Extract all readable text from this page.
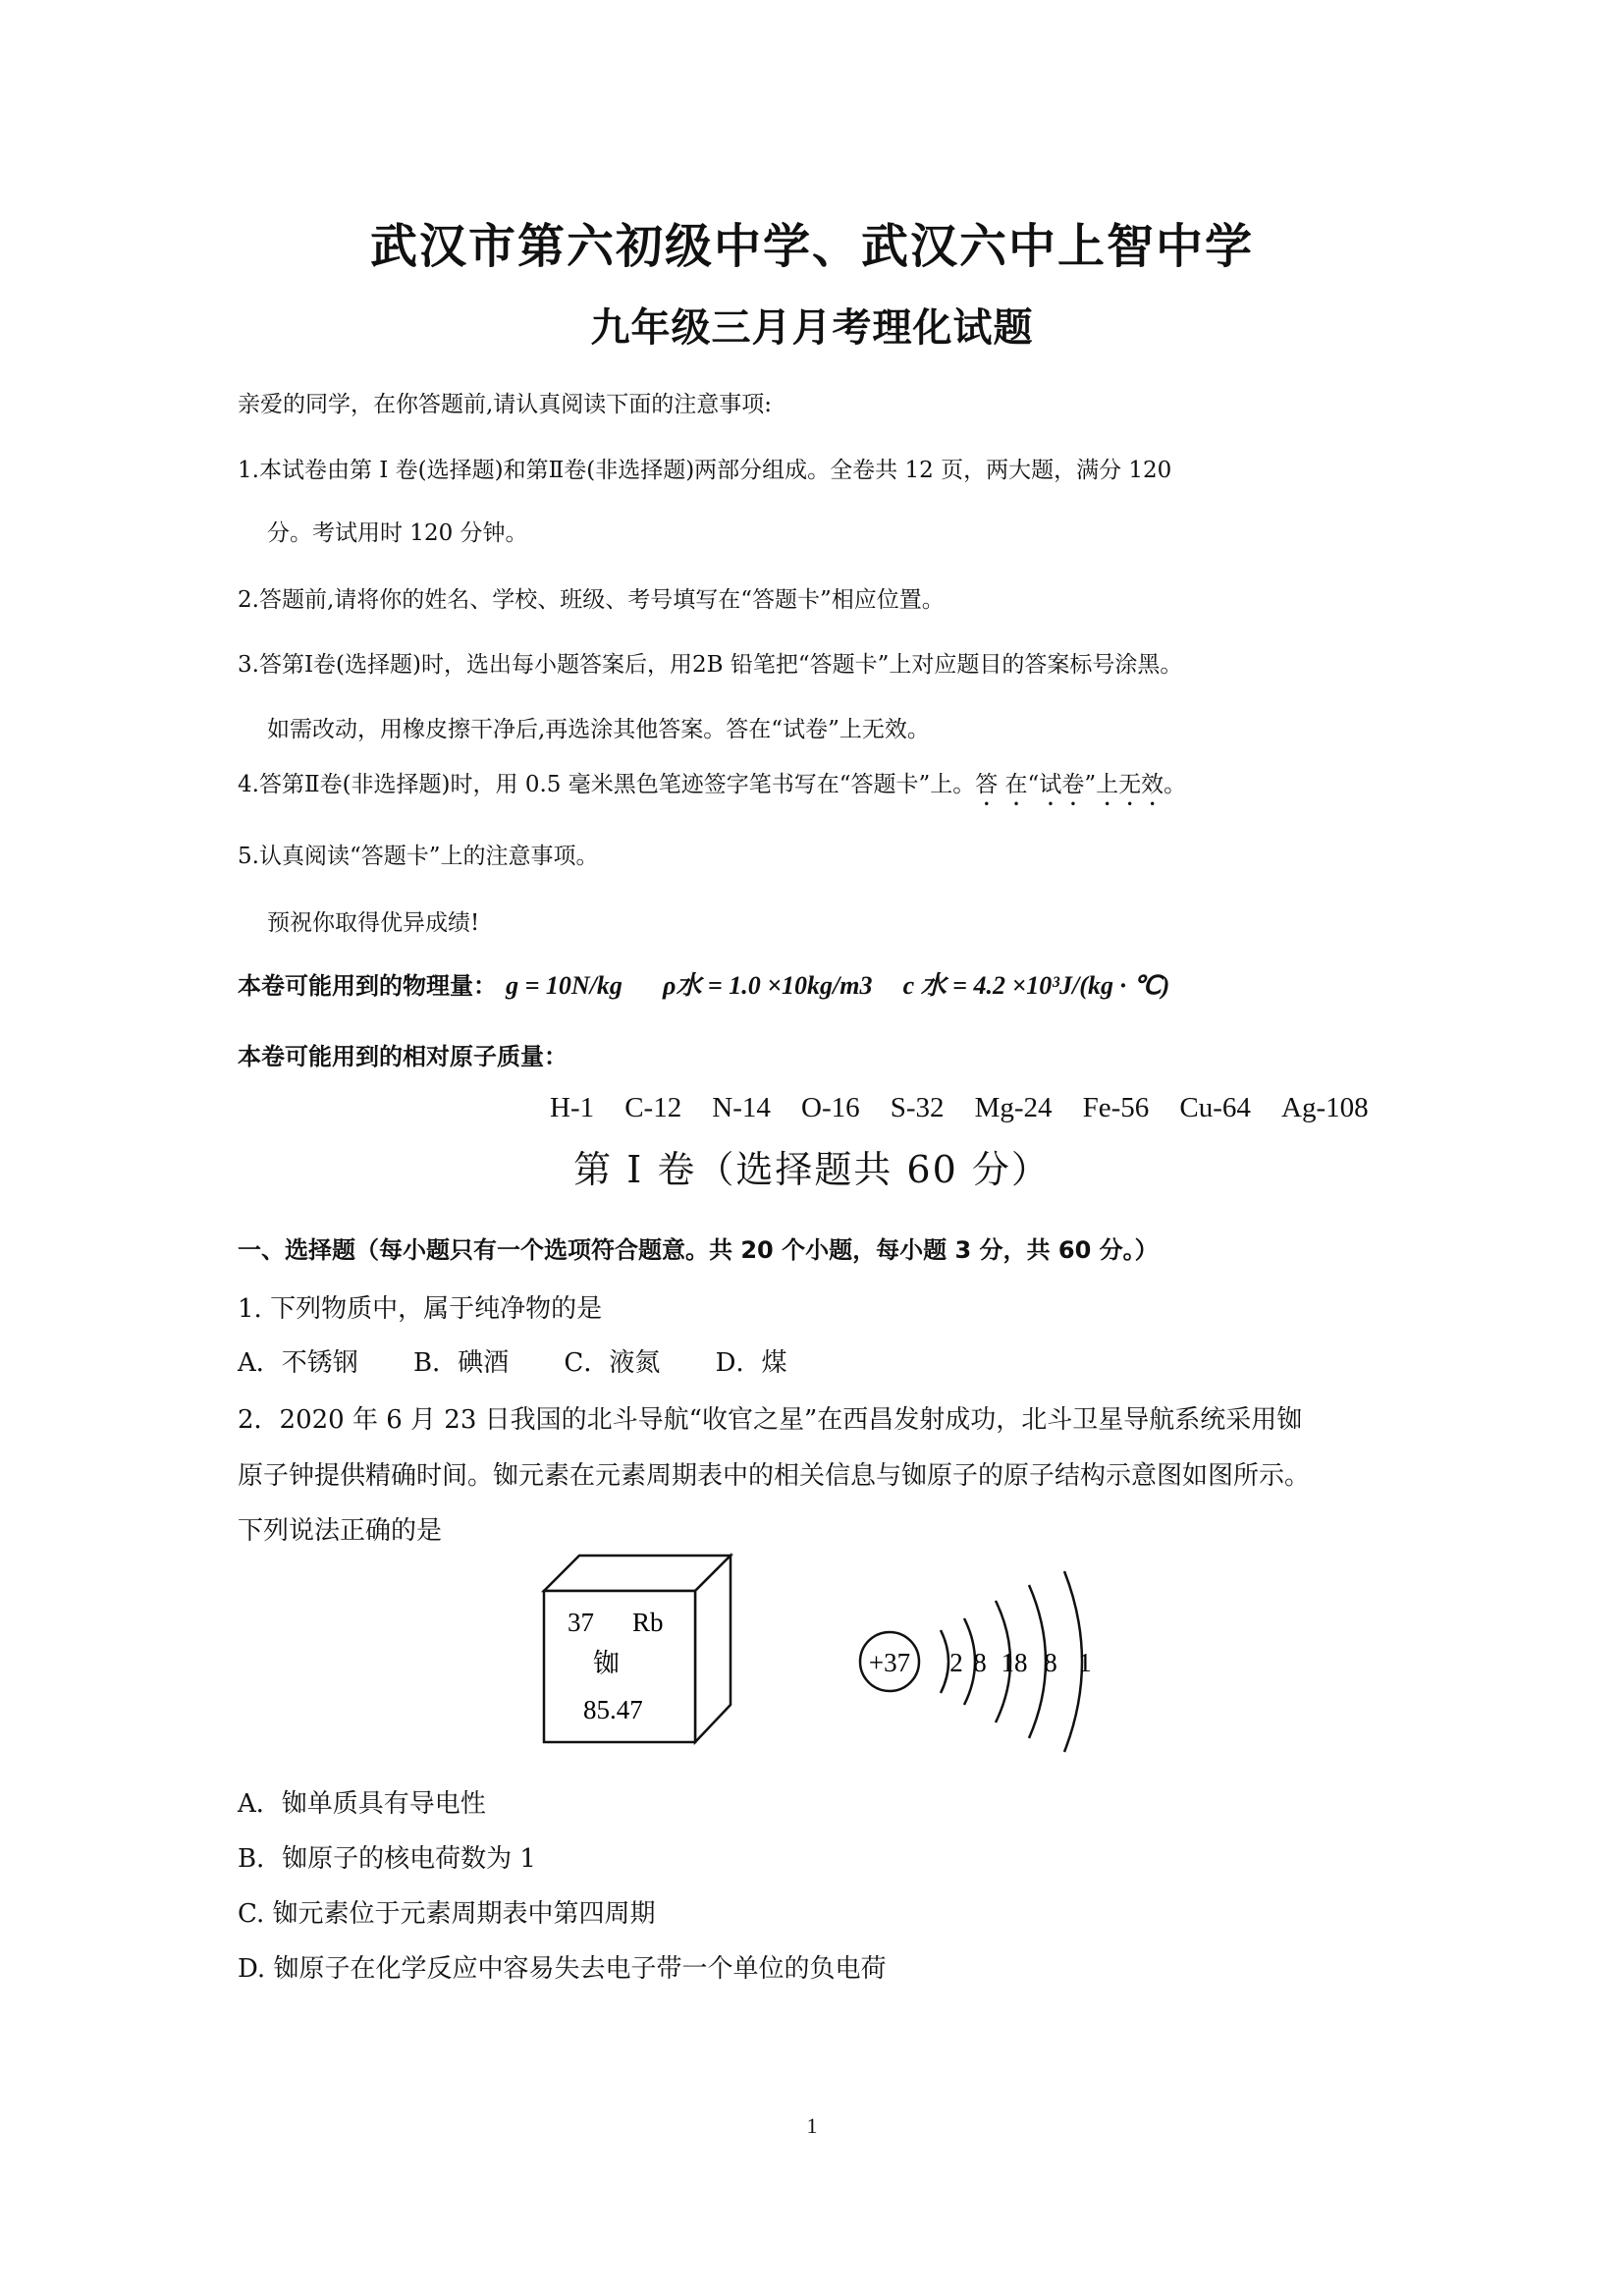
武汉市第六初级中学、武汉六中上智中学
九年级三月月考理化试题
亲爱的同学，在你答题前,请认真阅读下面的注意事项:
1.本试卷由第 I 卷(选择题)和第Ⅱ卷(非选择题)两部分组成。全卷共 12 页，两大题，满分 120
分。考试用时 120 分钟。
2.答题前,请将你的姓名、学校、班级、考号填写在“答题卡”相应位置。
3.答第Ⅰ卷(选择题)时，选出每小题答案后，用2B 铅笔把“答题卡”上对应题目的答案标号涂黑。
如需改动，用橡皮擦干净后,再选涂其他答案。答在“试卷”上无效。
4.答第Ⅱ卷(非选择题)时，用 0.5 毫米黑色笔迹签字笔书写在“答题卡”上。答 在“试卷”上无效。
5.认真阅读“答题卡”上的注意事项。
预祝你取得优异成绩!
本卷可能用到的物理量： g = 10N/kg ρ水 = 1.0 ×10kg/m3 c 水 = 4.2 ×10³J/(kg · ℃)
本卷可能用到的相对原子质量：
H-1 C-12 N-14 O-16 S-32 Mg-24 Fe-56 Cu-64 Ag-108
第 I 卷（选择题共 60 分）
一、选择题（每小题只有一个选项符合题意。共 20 个小题，每小题 3 分，共 60 分。）
1. 下列物质中，属于纯净物的是
A．不锈钢 B．碘酒 C．液氮 D．煤
2．2020 年 6 月 23 日我国的北斗导航“收官之星”在西昌发射成功，北斗卫星导航系统采用铷
原子钟提供精确时间。铷元素在元素周期表中的相关信息与铷原子的原子结构示意图如图所示。
下列说法正确的是
37 Rb
铷
85.47
+37 2 8 18 8 1
A．铷单质具有导电性
B．铷原子的核电荷数为 1
C. 铷元素位于元素周期表中第四周期
D. 铷原子在化学反应中容易失去电子带一个单位的负电荷
1
